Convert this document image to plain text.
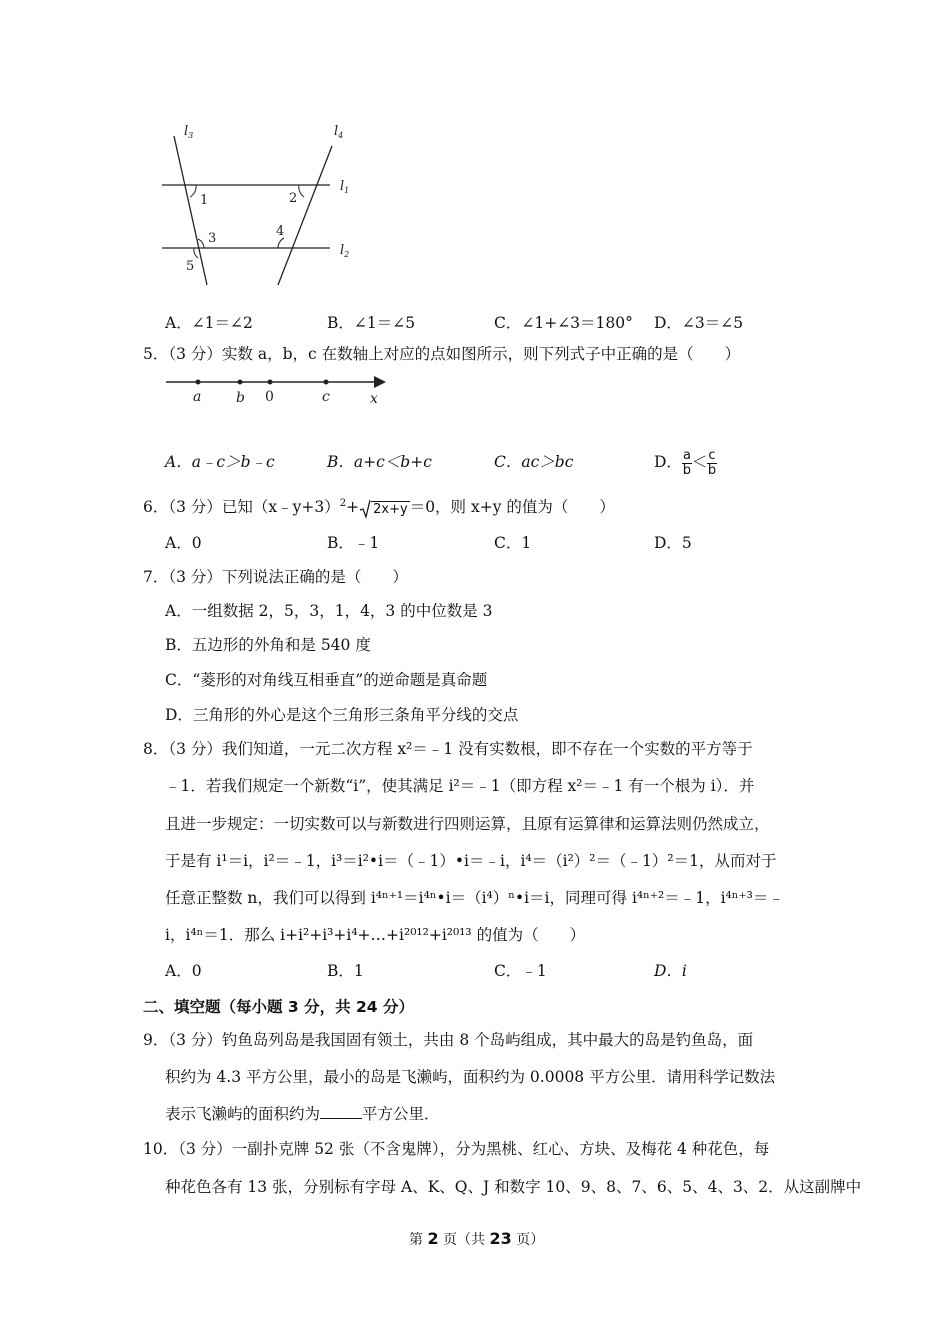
$l_3$	$l_4$
$l_1$
$l_2$
1	2
3	4
5
A．∠1＝∠2	B．∠1＝∠5	C．∠1+∠3＝180° D．∠3＝∠5
5．（3 分）实数 a，b，c 在数轴上对应的点如图所示，则下列式子中正确的是（　　）
a b 0	c	x
A．a﹣c＞b﹣c	B．a+c＜b+c	C．ac＞bc	D． $\frac{a}{b} < \frac{c}{b}$
6．（3 分）已知（x﹣y+3）$^2$+ 2x+y ＝0，则 x+y 的值为（　　）
A．0	B．﹣1	C．1	D．5
7．（3 分）下列说法正确的是（　　）
A．一组数据 2，5，3，1，4，3 的中位数是 3
B．五边形的外角和是 540 度
C．“菱形的对角线互相垂直”的逆命题是真命题
D．三角形的外心是这个三角形三条角平分线的交点
8．（3 分）我们知道，一元二次方程 x²＝﹣1 没有实数根，即不存在一个实数的平方等于
﹣1．若我们规定一个新数“i”，使其满足 i²＝﹣1（即方程 x²＝﹣1 有一个根为 i）．并
且进一步规定：一切实数可以与新数进行四则运算，且原有运算律和运算法则仍然成立，
于是有 i¹＝i，i²＝﹣1，i³＝i²•i＝（﹣1）•i＝﹣i，i⁴＝（i²）²＝（﹣1）²＝1，从而对于
任意正整数 n，我们可以得到 i⁴ⁿ⁺¹＝i⁴ⁿ•i＝（i⁴）ⁿ•i＝i，同理可得 i⁴ⁿ⁺²＝﹣1，i⁴ⁿ⁺³＝﹣
i，i⁴ⁿ＝1．那么 i+i²+i³+i⁴+…+i²⁰¹²+i²⁰¹³ 的值为（　　）
A．0	B．1	C．﹣1	D．i
二、填空题（每小题 3 分，共 24 分）
9．（3 分）钓鱼岛列岛是我国固有领土，共由 8 个岛屿组成，其中最大的岛是钓鱼岛，面
积约为 4.3 平方公里，最小的岛是飞濑屿，面积约为 0.0008 平方公里．请用科学记数法
表示飞濑屿的面积约为	平方公里．
10．（3 分）一副扑克牌 52 张（不含鬼牌），分为黑桃、红心、方块、及梅花 4 种花色，每
种花色各有 13 张，分别标有字母 A、K、Q、J 和数字 10、9、8、7、6、5、4、3、2．从这副牌中
第 2 页（共 23 页）
